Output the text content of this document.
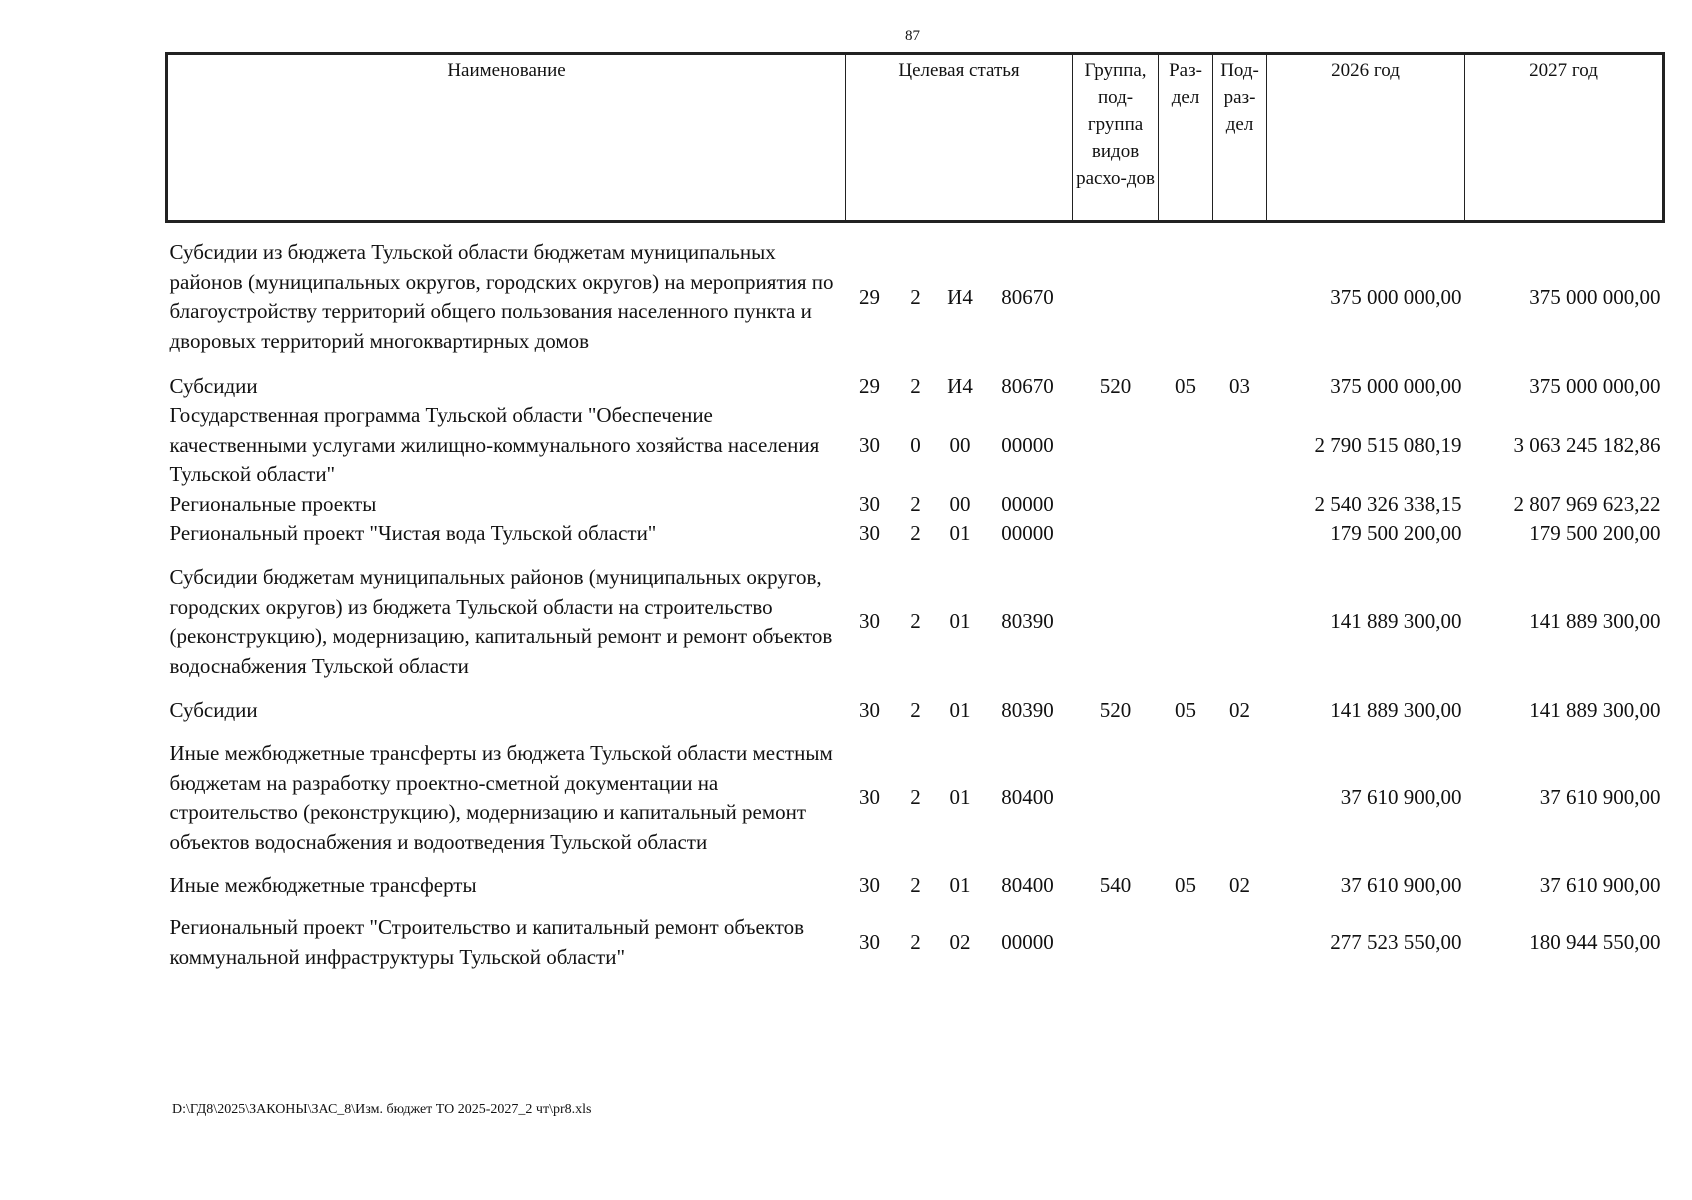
87
Наименование	Целевая статья				Группа, под-группа видов расхо-дов	Раз-дел	Под-раз-дел	2026 год	2027 год
Субсидии из бюджета Тульской области бюджетам муниципальных районов (муниципальных округов, городских округов) на мероприятия по благоустройству территорий общего пользования населенного пункта и дворовых территорий многоквартирных домов	29	2	И4	80670				375 000 000,00	375 000 000,00
Субсидии	29	2	И4	80670	520	05	03	375 000 000,00	375 000 000,00
Государственная программа Тульской области "Обеспечение качественными услугами жилищно-коммунального хозяйства населения Тульской области"	30	0	00	00000				2 790 515 080,19	3 063 245 182,86
Региональные проекты	30	2	00	00000				2 540 326 338,15	2 807 969 623,22
Региональный проект "Чистая вода Тульской области"	30	2	01	00000				179 500 200,00	179 500 200,00
Субсидии бюджетам муниципальных районов (муниципальных округов, городских округов) из бюджета Тульской области на строительство (реконструкцию), модернизацию, капитальный ремонт и ремонт объектов водоснабжения Тульской области	30	2	01	80390				141 889 300,00	141 889 300,00
Субсидии	30	2	01	80390	520	05	02	141 889 300,00	141 889 300,00
Иные межбюджетные трансферты из бюджета Тульской области местным бюджетам на разработку проектно-сметной документации на строительство (реконструкцию), модернизацию и капитальный ремонт объектов водоснабжения и водоотведения Тульской области	30	2	01	80400				37 610 900,00	37 610 900,00
Иные межбюджетные трансферты	30	2	01	80400	540	05	02	37 610 900,00	37 610 900,00
Региональный проект "Строительство и капитальный ремонт объектов коммунальной инфраструктуры Тульской области"	30	2	02	00000				277 523 550,00	180 944 550,00
D:\ГД8\2025\ЗАКОНЫ\ЗАС_8\Изм. бюджет ТО 2025-2027_2 чт\pr8.xls
